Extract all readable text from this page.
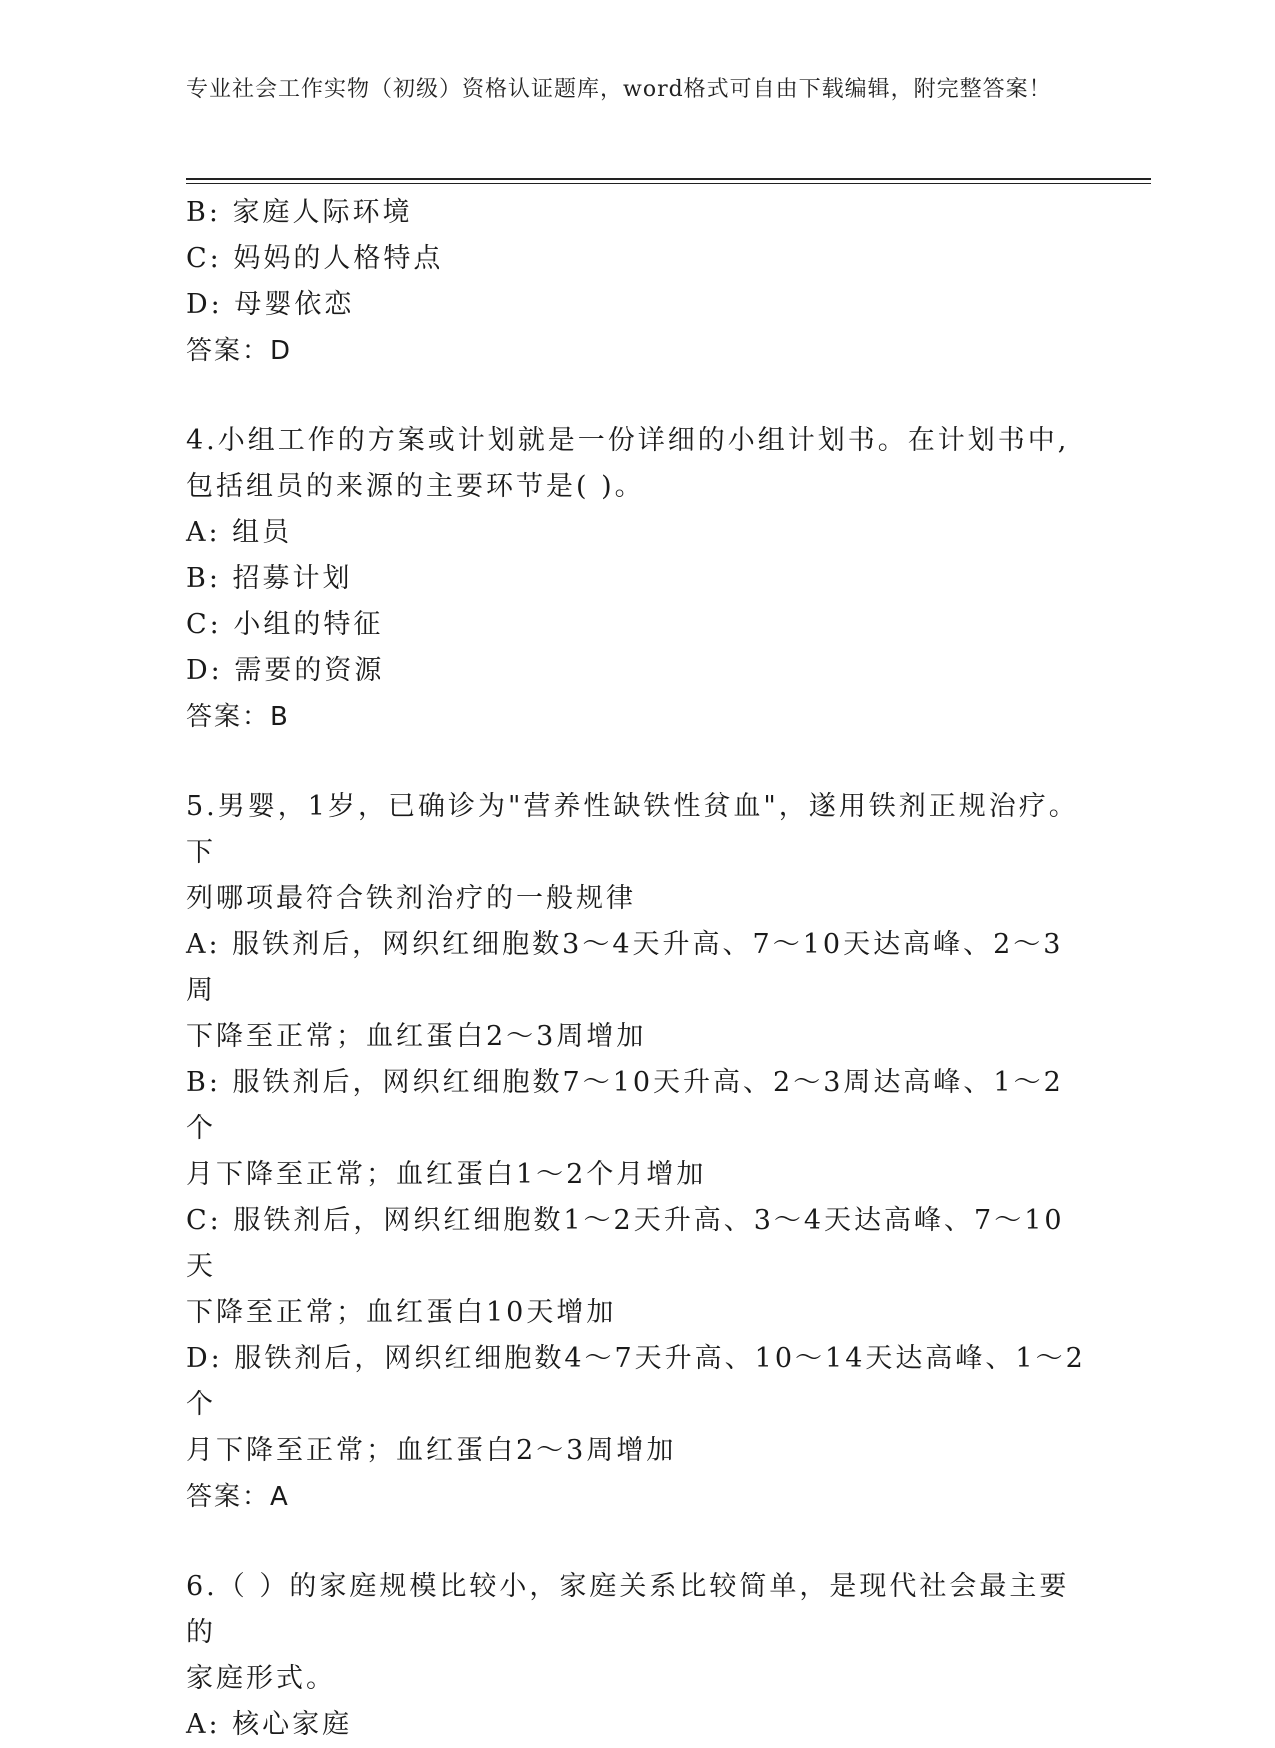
专业社会工作实物（初级）资格认证题库，word格式可自由下载编辑，附完整答案！

B: 家庭人际环境

C: 妈妈的人格特点

D: 母婴依恋

答案：D

4.小组工作的方案或计划就是一份详细的小组计划书。在计划书中,

包括组员的来源的主要环节是( )。

A: 组员

B: 招募计划

C: 小组的特征

D: 需要的资源

答案：B

5.男婴，1岁，已确诊为"营养性缺铁性贫血"，遂用铁剂正规治疗。下

列哪项最符合铁剂治疗的一般规律

A: 服铁剂后，网织红细胞数3～4天升高、7～10天达高峰、2～3周

下降至正常；血红蛋白2～3周增加

B: 服铁剂后，网织红细胞数7～10天升高、2～3周达高峰、1～2个

月下降至正常；血红蛋白1～2个月增加

C: 服铁剂后，网织红细胞数1～2天升高、3～4天达高峰、7～10天

下降至正常；血红蛋白10天增加

D: 服铁剂后，网织红细胞数4～7天升高、10～14天达高峰、1～2个

月下降至正常；血红蛋白2～3周增加

答案：A

6.（ ）的家庭规模比较小，家庭关系比较简单，是现代社会最主要的

家庭形式。

A: 核心家庭
